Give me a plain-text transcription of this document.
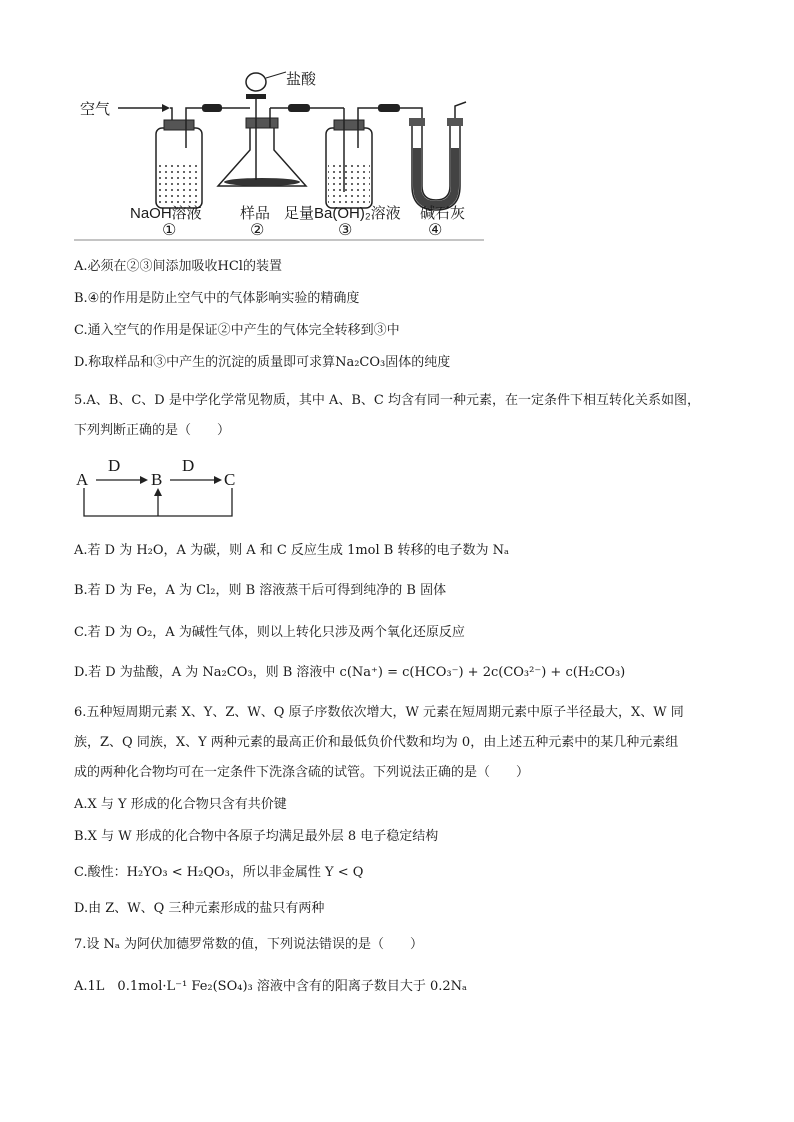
空气
盐酸
NaOH溶液
①
样品
②
足量Ba(OH)₂溶液
③
碱石灰
④
A.必须在②③间添加吸收HCl的装置
B.④的作用是防止空气中的气体影响实验的精确度
C.通入空气的作用是保证②中产生的气体完全转移到③中
D.称取样品和③中产生的沉淀的质量即可求算Na₂CO₃固体的纯度
5.A、B、C、D 是中学化学常见物质，其中 A、B、C 均含有同一种元素，在一定条件下相互转化关系如图，
下列判断正确的是（　　）
A	B	C
D	D
A.若 D 为 H₂O，A 为碳，则 A 和 C 反应生成 1mol B 转移的电子数为 Nₐ
B.若 D 为 Fe，A 为 Cl₂，则 B 溶液蒸干后可得到纯净的 B 固体
C.若 D 为 O₂，A 为碱性气体，则以上转化只涉及两个氧化还原反应
D.若 D 为盐酸，A 为 Na₂CO₃，则 B 溶液中 c(Na⁺) = c(HCO₃⁻) + 2c(CO₃²⁻) + c(H₂CO₃)
6.五种短周期元素 X、Y、Z、W、Q 原子序数依次增大，W 元素在短周期元素中原子半径最大，X、W 同
族，Z、Q 同族，X、Y 两种元素的最高正价和最低负价代数和均为 0，由上述五种元素中的某几种元素组
成的两种化合物均可在一定条件下洗涤含硫的试管。下列说法正确的是（　　）
A.X 与 Y 形成的化合物只含有共价键
B.X 与 W 形成的化合物中各原子均满足最外层 8 电子稳定结构
C.酸性：H₂YO₃ < H₂QO₃，所以非金属性 Y < Q
D.由 Z、W、Q 三种元素形成的盐只有两种
7.设 Nₐ 为阿伏加德罗常数的值，下列说法错误的是（　　）
A.1L　0.1mol·L⁻¹ Fe₂(SO₄)₃ 溶液中含有的阳离子数目大于 0.2Nₐ
